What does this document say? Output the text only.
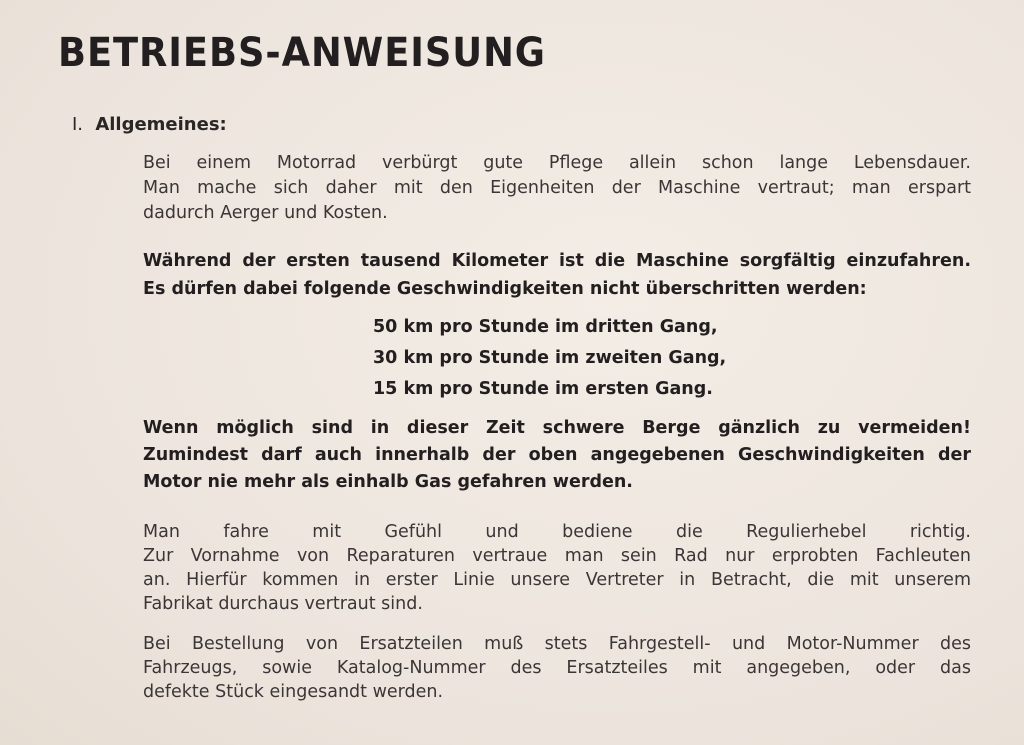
BETRIEBS-ANWEISUNG
I. Allgemeines:
Bei einem Motorrad verbürgt gute Pflege allein schon lange Lebensdauer.
Man mache sich daher mit den Eigenheiten der Maschine vertraut; man erspart
dadurch Aerger und Kosten.
Während der ersten tausend Kilometer ist die Maschine sorgfältig einzufahren.
Es dürfen dabei folgende Geschwindigkeiten nicht überschritten werden:
50 km pro Stunde im dritten Gang,
30 km pro Stunde im zweiten Gang,
15 km pro Stunde im ersten Gang.
Wenn möglich sind in dieser Zeit schwere Berge gänzlich zu vermeiden!
Zumindest darf auch innerhalb der oben angegebenen Geschwindigkeiten der
Motor nie mehr als einhalb Gas gefahren werden.
Man fahre mit Gefühl und bediene die Regulierhebel richtig.
Zur Vornahme von Reparaturen vertraue man sein Rad nur erprobten Fachleuten
an. Hierfür kommen in erster Linie unsere Vertreter in Betracht, die mit unserem
Fabrikat durchaus vertraut sind.
Bei Bestellung von Ersatzteilen muß stets Fahrgestell- und Motor-Nummer des
Fahrzeugs, sowie Katalog-Nummer des Ersatzteiles mit angegeben, oder das
defekte Stück eingesandt werden.
